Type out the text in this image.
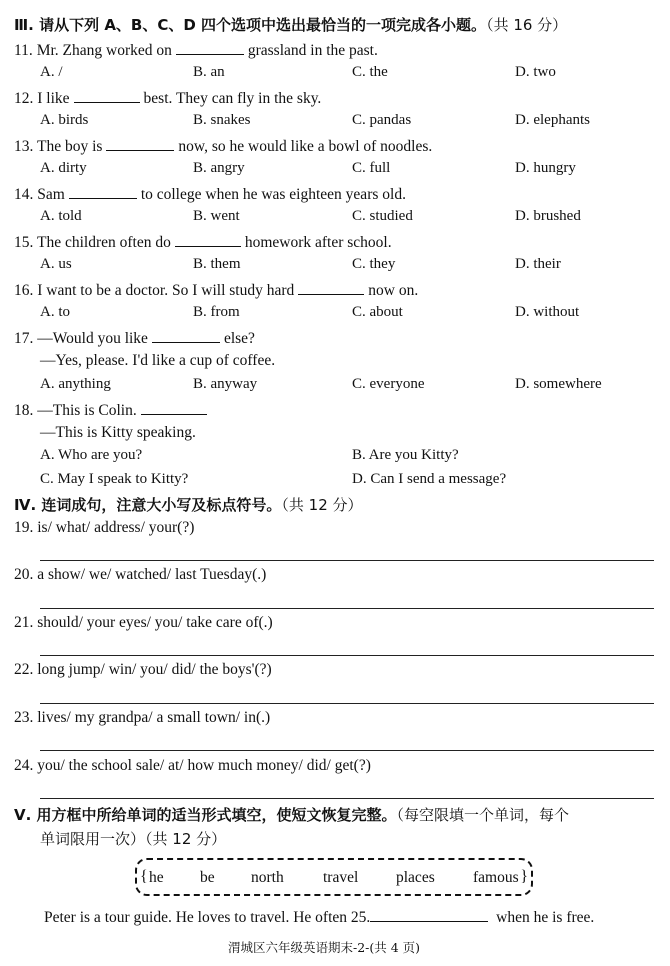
Ⅲ. 请从下列 A、B、C、D 四个选项中选出最恰当的一项完成各小题。（共 16 分）
11. Mr. Zhang worked on	grassland in the past.
A. /	B. an	C. the	D. two
12. I like	best. They can fly in the sky.
A. birds	B. snakes	C. pandas	D. elephants
13. The boy is	now, so he would like a bowl of noodles.
A. dirty	B. angry	C. full	D. hungry
14. Sam	to college when he was eighteen years old.
A. told	B. went	C. studied	D. brushed
15. The children often do	homework after school.
A. us	B. them	C. they	D. their
16. I want to be a doctor. So I will study hard	now on.
A. to	B. from	C. about	D. without
17. —Would you like	else?
—Yes, please. I'd like a cup of coffee.
A. anything	B. anyway	C. everyone	D. somewhere
18. —This is Colin.
—This is Kitty speaking.
A. Who are you?	B. Are you Kitty?
C. May I speak to Kitty?	D. Can I send a message?
Ⅳ. 连词成句，注意大小写及标点符号。（共 12 分）
19. is/ what/ address/ your(?)
20. a show/ we/ watched/ last Tuesday(.)
21. should/ your eyes/ you/ take care of(.)
22. long jump/ win/ you/ did/ the boys'(?)
23. lives/ my grandpa/ a small town/ in(.)
24. you/ the school sale/ at/ how much money/ did/ get(?)
Ⅴ. 用方框中所给单词的适当形式填空，使短文恢复完整。（每空限填一个单词，每个
单词限用一次）（共 12 分）
{ he be north	travel places famous }
Peter is a tour guide. He loves to travel. He often 25.	when he is free.
渭城区六年级英语期末-2-(共 4 页)
